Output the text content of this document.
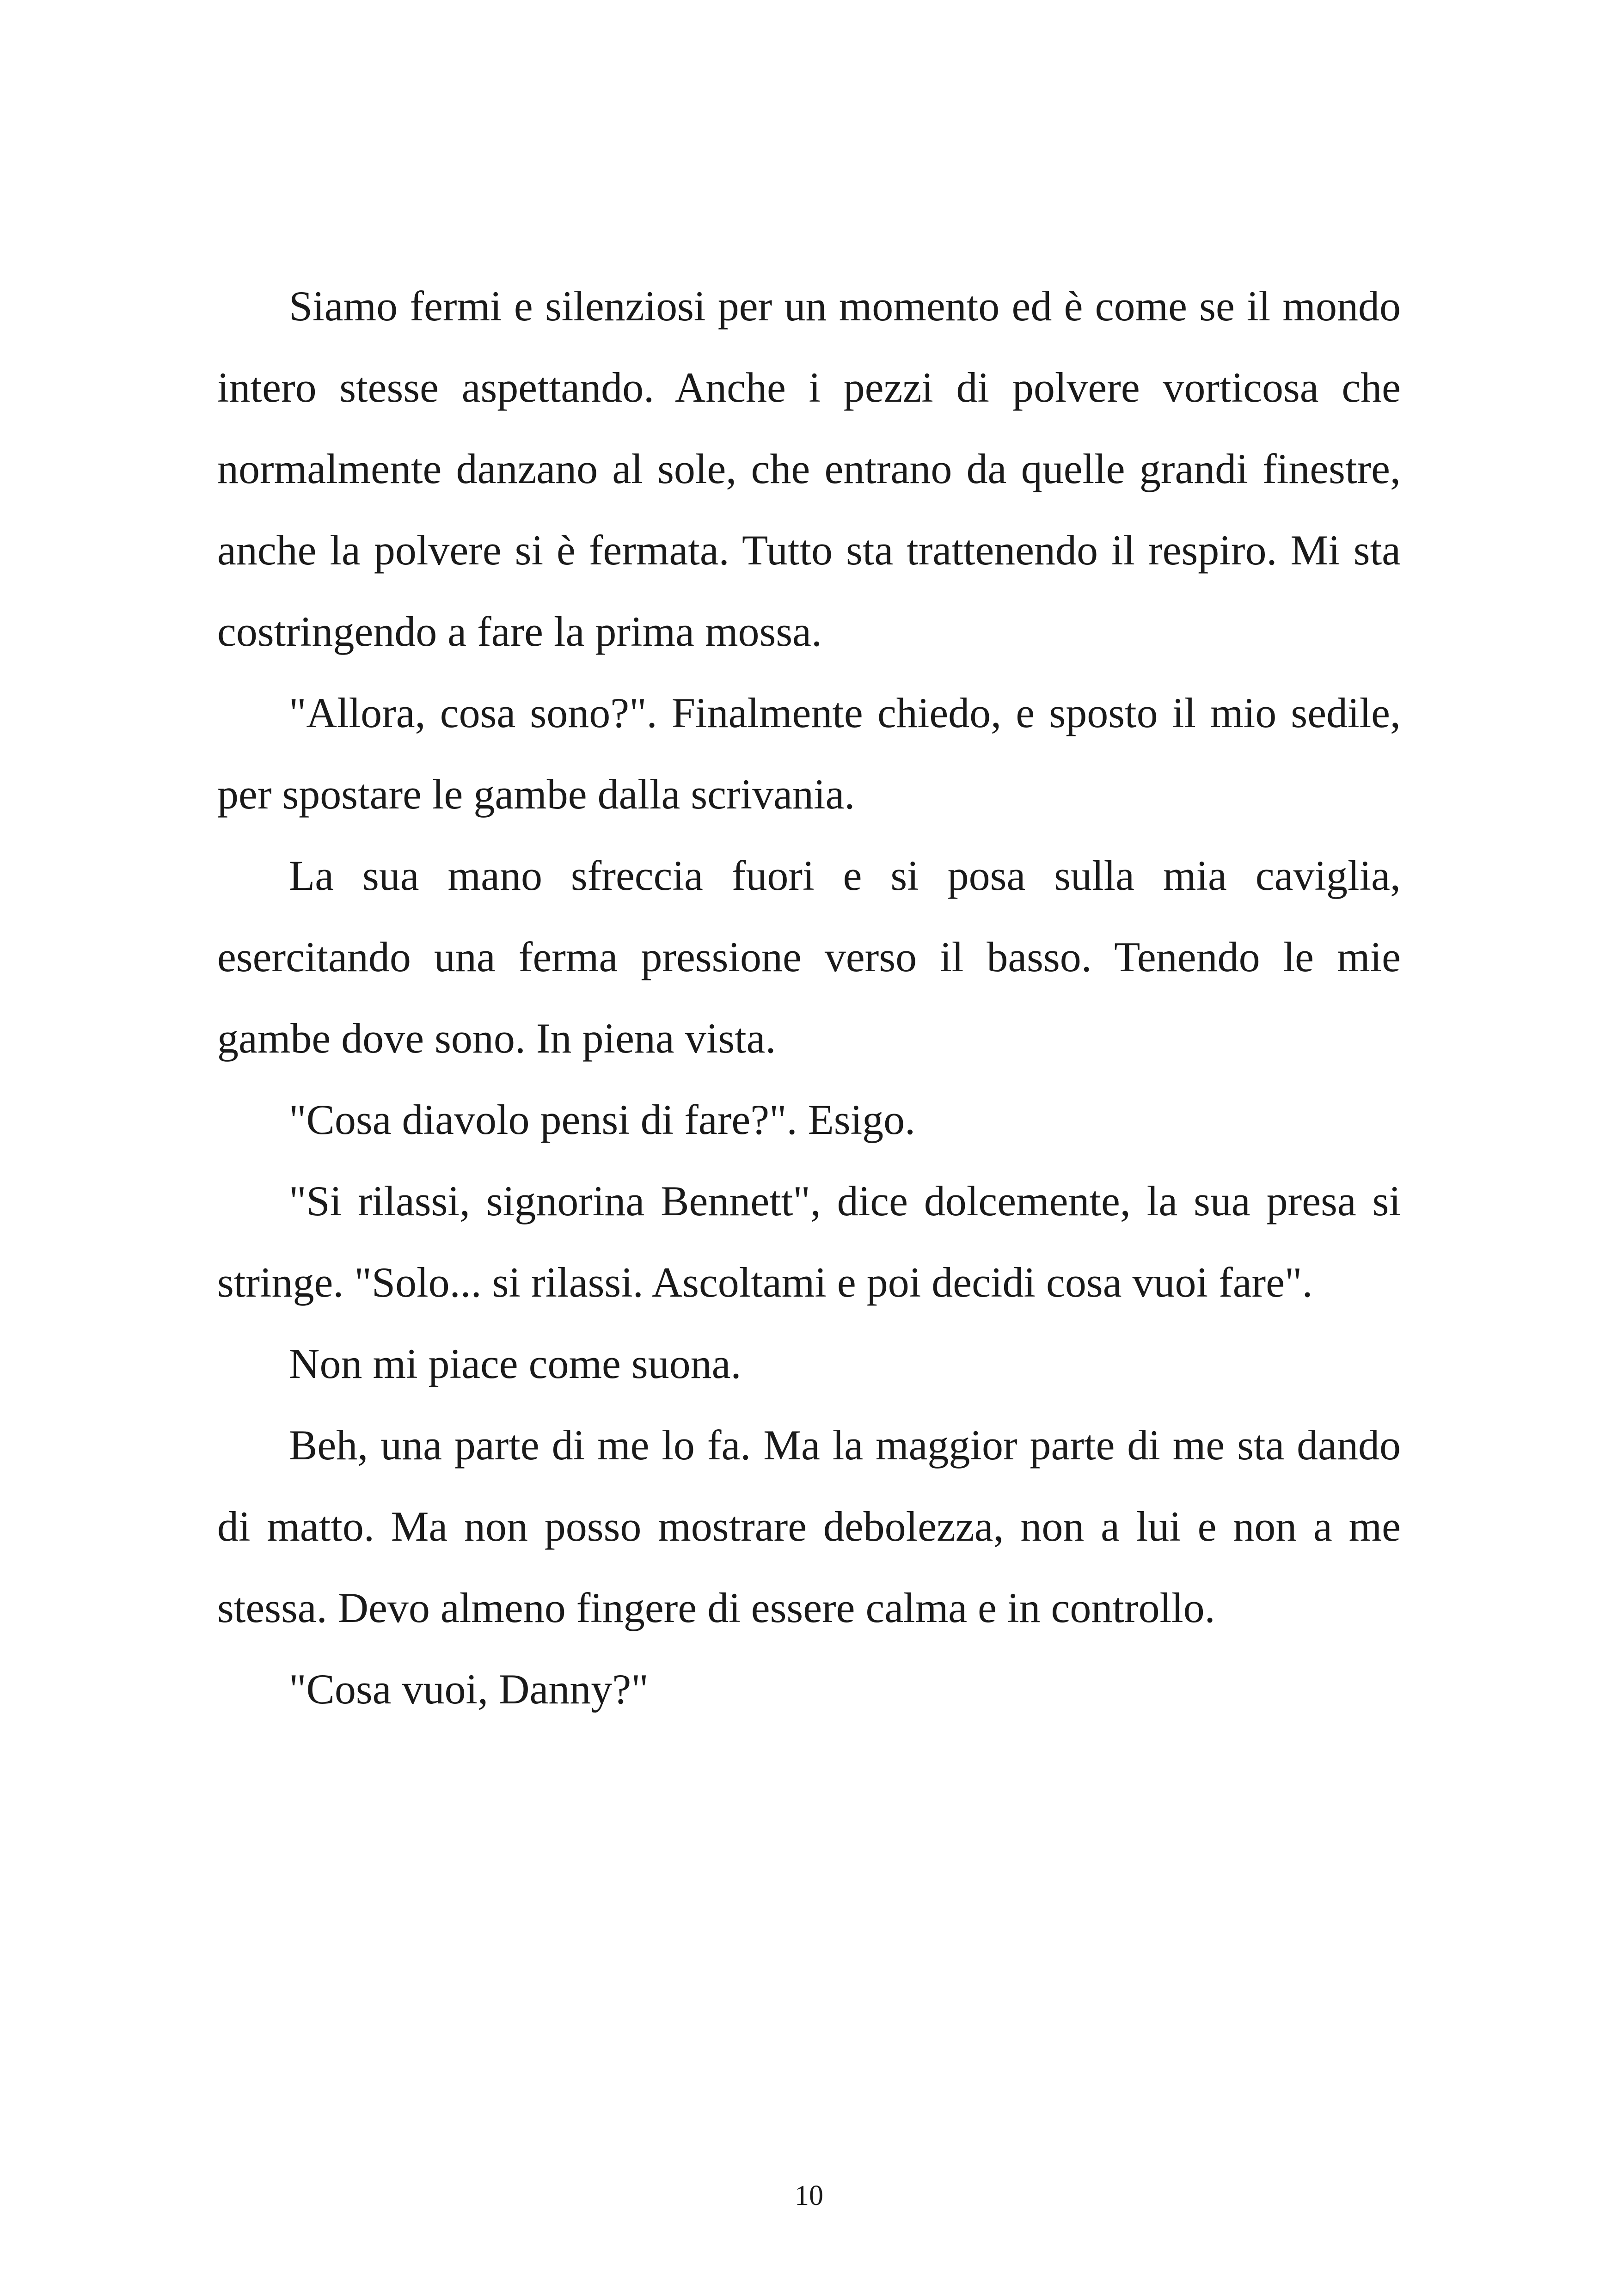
Siamo fermi e silenziosi per un momento ed è come se il mondo intero stesse aspettando. Anche i pezzi di polvere vorticosa che normalmente danzano al sole, che entrano da quelle grandi finestre, anche la polvere si è fermata. Tutto sta trattenendo il respiro. Mi sta costringendo a fare la prima mossa.

"Allora, cosa sono?". Finalmente chiedo, e sposto il mio sedile, per spostare le gambe dalla scrivania.

La sua mano sfreccia fuori e si posa sulla mia caviglia, esercitando una ferma pressione verso il basso. Tenendo le mie gambe dove sono. In piena vista.

"Cosa diavolo pensi di fare?". Esigo.

"Si rilassi, signorina Bennett", dice dolcemente, la sua presa si stringe. "Solo... si rilassi. Ascoltami e poi decidi cosa vuoi fare".

Non mi piace come suona.

Beh, una parte di me lo fa. Ma la maggior parte di me sta dando di matto. Ma non posso mostrare debolezza, non a lui e non a me stessa. Devo almeno fingere di essere calma e in controllo.

"Cosa vuoi, Danny?"

10
